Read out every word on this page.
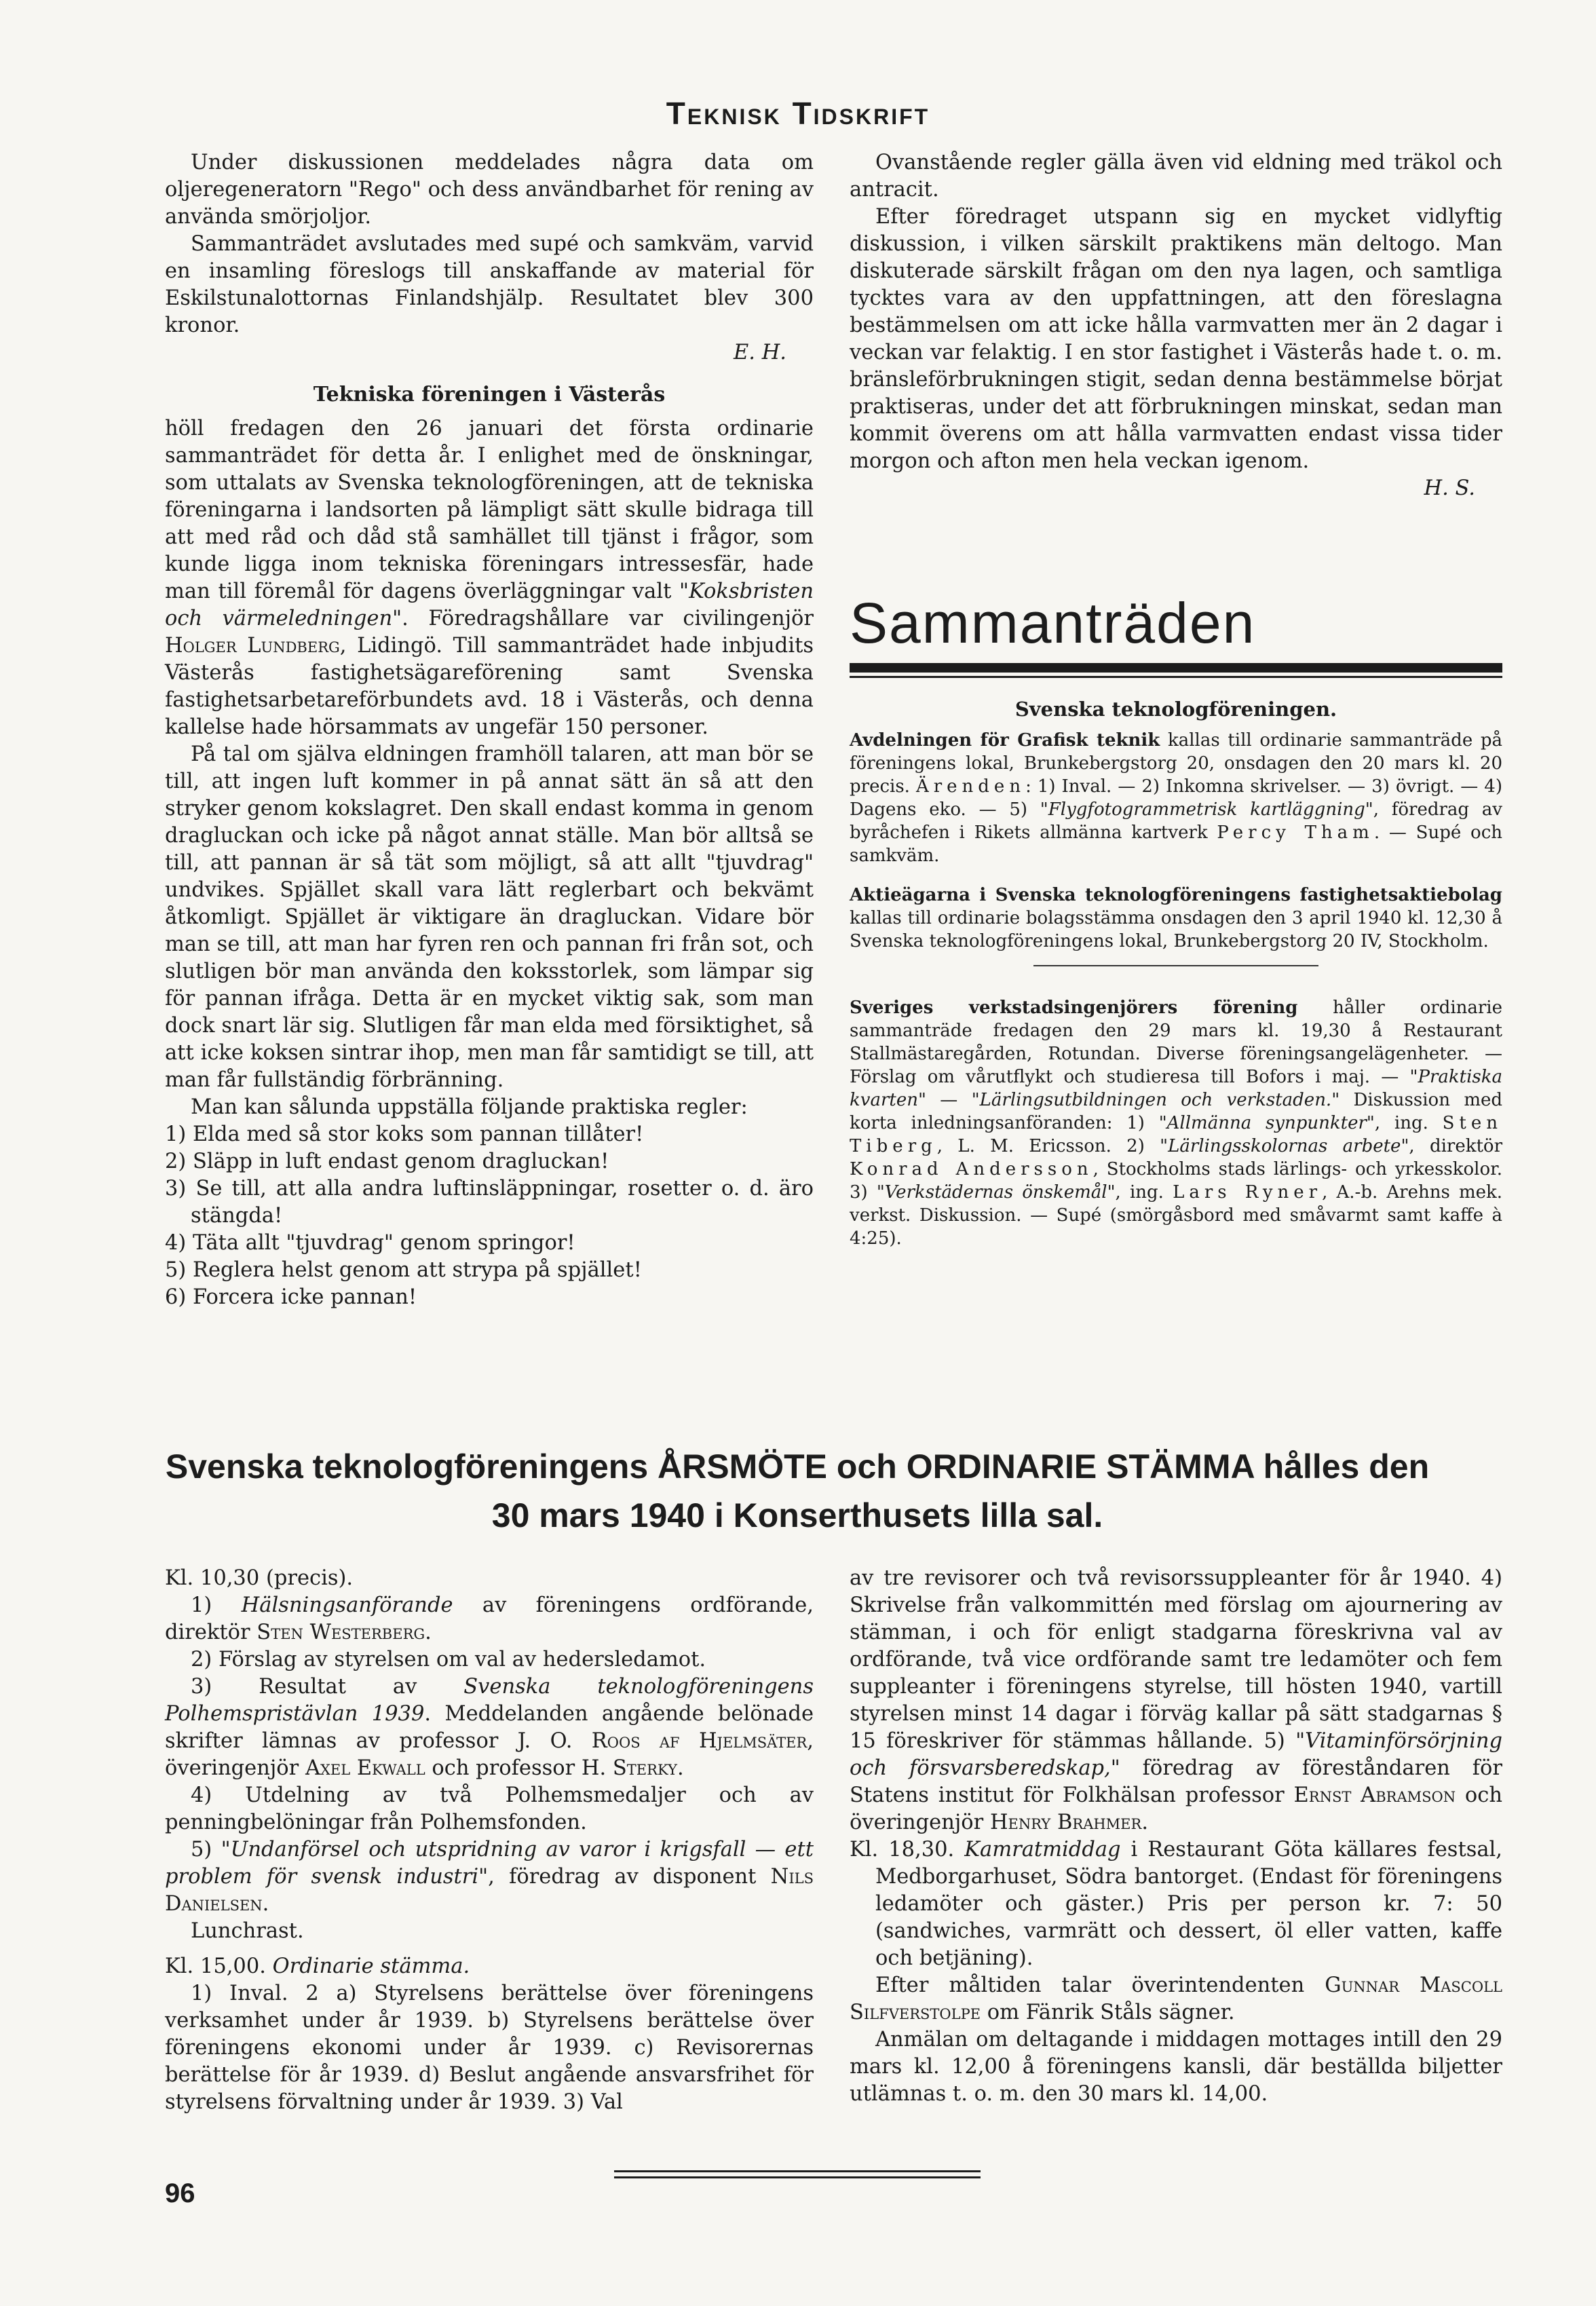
Teknisk Tidskrift

Under diskussionen meddelades några data om oljeregeneratorn "Rego" och dess användbarhet för rening av använda smörjoljor.

Sammanträdet avslutades med supé och samkväm, varvid en insamling föreslogs till anskaffande av material för Eskilstunalottornas Finlandshjälp. Resultatet blev 300 kronor.

E. H.

Tekniska föreningen i Västerås

höll fredagen den 26 januari det första ordinarie sammanträdet för detta år. I enlighet med de önskningar, som uttalats av Svenska teknologföreningen, att de tekniska föreningarna i landsorten på lämpligt sätt skulle bidraga till att med råd och dåd stå samhället till tjänst i frågor, som kunde ligga inom tekniska föreningars intressesfär, hade man till föremål för dagens överläggningar valt "Koksbristen och värmeledningen". Föredragshållare var civilingenjör Holger Lundberg, Lidingö. Till sammanträdet hade inbjudits Västerås fastighetsägareförening samt Svenska fastighetsarbetareförbundets avd. 18 i Västerås, och denna kallelse hade hörsammats av ungefär 150 personer.

På tal om själva eldningen framhöll talaren, att man bör se till, att ingen luft kommer in på annat sätt än så att den stryker genom kokslagret. Den skall endast komma in genom dragluckan och icke på något annat ställe. Man bör alltså se till, att pannan är så tät som möjligt, så att allt "tjuvdrag" undvikes. Spjället skall vara lätt reglerbart och bekvämt åtkomligt. Spjället är viktigare än dragluckan. Vidare bör man se till, att man har fyren ren och pannan fri från sot, och slutligen bör man använda den koksstorlek, som lämpar sig för pannan ifråga. Detta är en mycket viktig sak, som man dock snart lär sig. Slutligen får man elda med försiktighet, så att icke koksen sintrar ihop, men man får samtidigt se till, att man får fullständig förbränning.

Man kan sålunda uppställa följande praktiska regler:

1) Elda med så stor koks som pannan tillåter!

2) Släpp in luft endast genom dragluckan!

3) Se till, att alla andra luftinsläppningar, rosetter o. d. äro stängda!

4) Täta allt "tjuvdrag" genom springor!

5) Reglera helst genom att strypa på spjället!

6) Forcera icke pannan!

Ovanstående regler gälla även vid eldning med träkol och antracit.

Efter föredraget utspann sig en mycket vidlyftig diskussion, i vilken särskilt praktikens män deltogo. Man diskuterade särskilt frågan om den nya lagen, och samtliga tycktes vara av den uppfattningen, att den föreslagna bestämmelsen om att icke hålla varmvatten mer än 2 dagar i veckan var felaktig. I en stor fastighet i Västerås hade t. o. m. bränsleförbrukningen stigit, sedan denna bestämmelse börjat praktiseras, under det att förbrukningen minskat, sedan man kommit överens om att hålla varmvatten endast vissa tider morgon och afton men hela veckan igenom.

H. S.

Sammanträden
Svenska teknologföreningen.

Avdelningen för Grafisk teknik kallas till ordinarie sammanträde på föreningens lokal, Brunkebergstorg 20, onsdagen den 20 mars kl. 20 precis. Ärenden: 1) Inval. — 2) Inkomna skrivelser. — 3) övrigt. — 4) Dagens eko. — 5) "Flygfotogrammetrisk kartläggning", föredrag av byråchefen i Rikets allmänna kartverk Percy Tham. — Supé och samkväm.

Aktieägarna i Svenska teknologföreningens fastighetsaktiebolag kallas till ordinarie bolagsstämma onsdagen den 3 april 1940 kl. 12,30 å Svenska teknologföreningens lokal, Brunkebergstorg 20 IV, Stockholm.

Sveriges verkstadsingenjörers förening håller ordinarie sammanträde fredagen den 29 mars kl. 19,30 å Restaurant Stallmästaregården, Rotundan. Diverse föreningsangelägenheter. — Förslag om vårutflykt och studieresa till Bofors i maj. — "Praktiska kvarten" — "Lärlingsutbildningen och verkstaden." Diskussion med korta inledningsanföranden: 1) "Allmänna synpunkter", ing. Sten Tiberg, L. M. Ericsson. 2) "Lärlingsskolornas arbete", direktör Konrad Andersson, Stockholms stads lärlings- och yrkesskolor. 3) "Verkstädernas önskemål", ing. Lars Ryner, A.-b. Arehns mek. verkst. Diskussion. — Supé (smörgåsbord med småvarmt samt kaffe à 4:25).

Svenska teknologföreningens ÅRSMÖTE och ORDINARIE STÄMMA hålles den
30 mars 1940 i Konserthusets lilla sal.

Kl. 10,30 (precis).

1) Hälsningsanförande av föreningens ordförande, direktör Sten Westerberg.

2) Förslag av styrelsen om val av hedersledamot.

3) Resultat av Svenska teknologföreningens Polhemspristävlan 1939. Meddelanden angående belönade skrifter lämnas av professor J. O. Roos af Hjelmsäter, överingenjör Axel Ekwall och professor H. Sterky.

4) Utdelning av två Polhemsmedaljer och av penningbelöningar från Polhemsfonden.

5) "Undanförsel och utspridning av varor i krigsfall — ett problem för svensk industri", föredrag av disponent Nils Danielsen.

Lunchrast.

Kl. 15,00. Ordinarie stämma.

1) Inval. 2 a) Styrelsens berättelse över föreningens verksamhet under år 1939. b) Styrelsens berättelse över föreningens ekonomi under år 1939. c) Revisorernas berättelse för år 1939. d) Beslut angående ansvarsfrihet för styrelsens förvaltning under år 1939. 3) Val

av tre revisorer och två revisorssuppleanter för år 1940. 4) Skrivelse från valkommittén med förslag om ajournering av stämman, i och för enligt stadgarna föreskrivna val av ordförande, två vice ordförande samt tre ledamöter och fem suppleanter i föreningens styrelse, till hösten 1940, vartill styrelsen minst 14 dagar i förväg kallar på sätt stadgarnas § 15 föreskriver för stämmas hållande. 5) "Vitaminförsörjning och försvarsberedskap," föredrag av föreståndaren för Statens institut för Folkhälsan professor Ernst Abramson och överingenjör Henry Brahmer.

Kl. 18,30. Kamratmiddag i Restaurant Göta källares festsal, Medborgarhuset, Södra bantorget. (Endast för föreningens ledamöter och gäster.) Pris per person kr. 7: 50 (sandwiches, varmrätt och dessert, öl eller vatten, kaffe och betjäning).

Efter måltiden talar överintendenten Gunnar Mascoll Silfverstolpe om Fänrik Ståls sägner.

Anmälan om deltagande i middagen mottages intill den 29 mars kl. 12,00 å föreningens kansli, där beställda biljetter utlämnas t. o. m. den 30 mars kl. 14,00.

96
